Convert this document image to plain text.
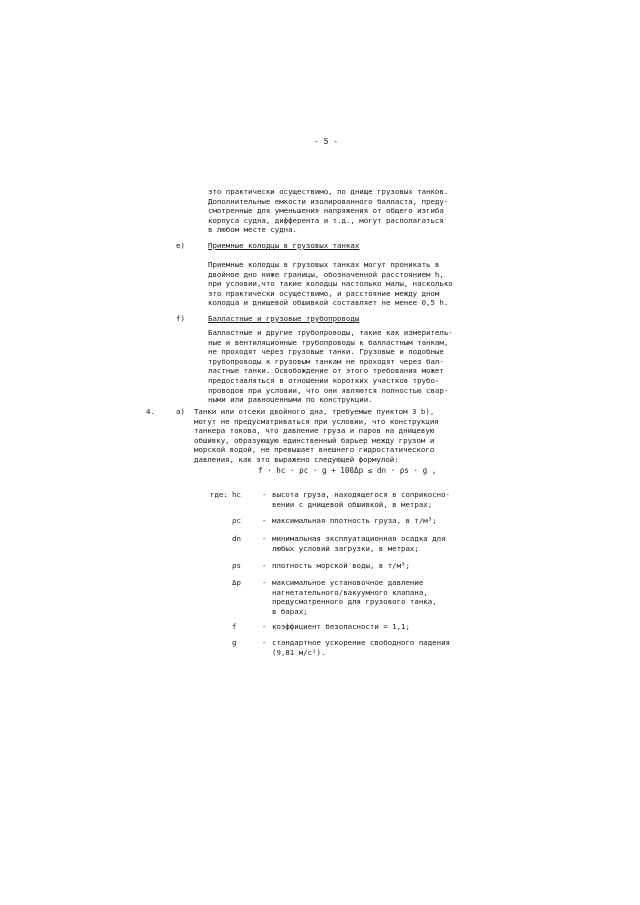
- 5 -
это практически осуществимо, по днище грузовых танков.
Дополнительные емкости изолированного балласта, преду-
смотренные для уменьшения напряжения от общего изгиба
корпуса судна, дифферента и т.д., могут располагаться
в любом месте судна.
e)	Приемные колодцы в грузовых танках
Приемные колодцы в грузовых танках могут проникать в
двойное дно ниже границы, обозначенной расстоянием h,
при условии,что такие колодцы настолько малы, насколько
это практически осуществимо, и расстояние между дном
колодца и днищевой обшивкой составляет не менее 0,5 h.
f)	Балластные и грузовые трубопроводы
Балластные и другие трубопроводы, такие как измеритель-
ные и вентиляционные трубопроводы к балластным танкам,
не проходят через грузовые танки. Грузовые и подобные
трубопроводы к грузовым танкам не проходят через бал-
ластные танки. Освобождение от этого требования может
предоставляться в отношении коротких участков трубо-
проводов при условии, что они являются полностью свар-
ными или равноценными по конструкции.
4.	a) Танки или отсеки двойного дна, требуемые пунктом 3 b),
могут не предусматриваться при условии, что конструкция
танкера такова, что давление груза и паров на днищевую
обшивку, образующую единственный барьер между грузом и
морской водой, не превышает внешнего гидростатического
давления, как это выражено следующей формулой:
f · hc · ρc · g + 100Δp ≤ dn · ρs · g ,
где: hc	- высота груза, находящегося в соприкосно-
вении с днищевой обшивкой, в метрах;
ρc	- максимальная плотность груза, в т/м³;
dn	- минимальная эксплуатационная осадка для
любых условий загрузки, в метрах;
ρs	- плотность морской воды, в т/м³;
Δp	- максимальное установочное давление
нагнетательного/вакуумного клапана,
предусмотренного для грузового танка,
в барах;
f	- коэффициент безопасности = 1,1;
g	- стандартное ускорение свободного падения
(9,81 м/с²).
